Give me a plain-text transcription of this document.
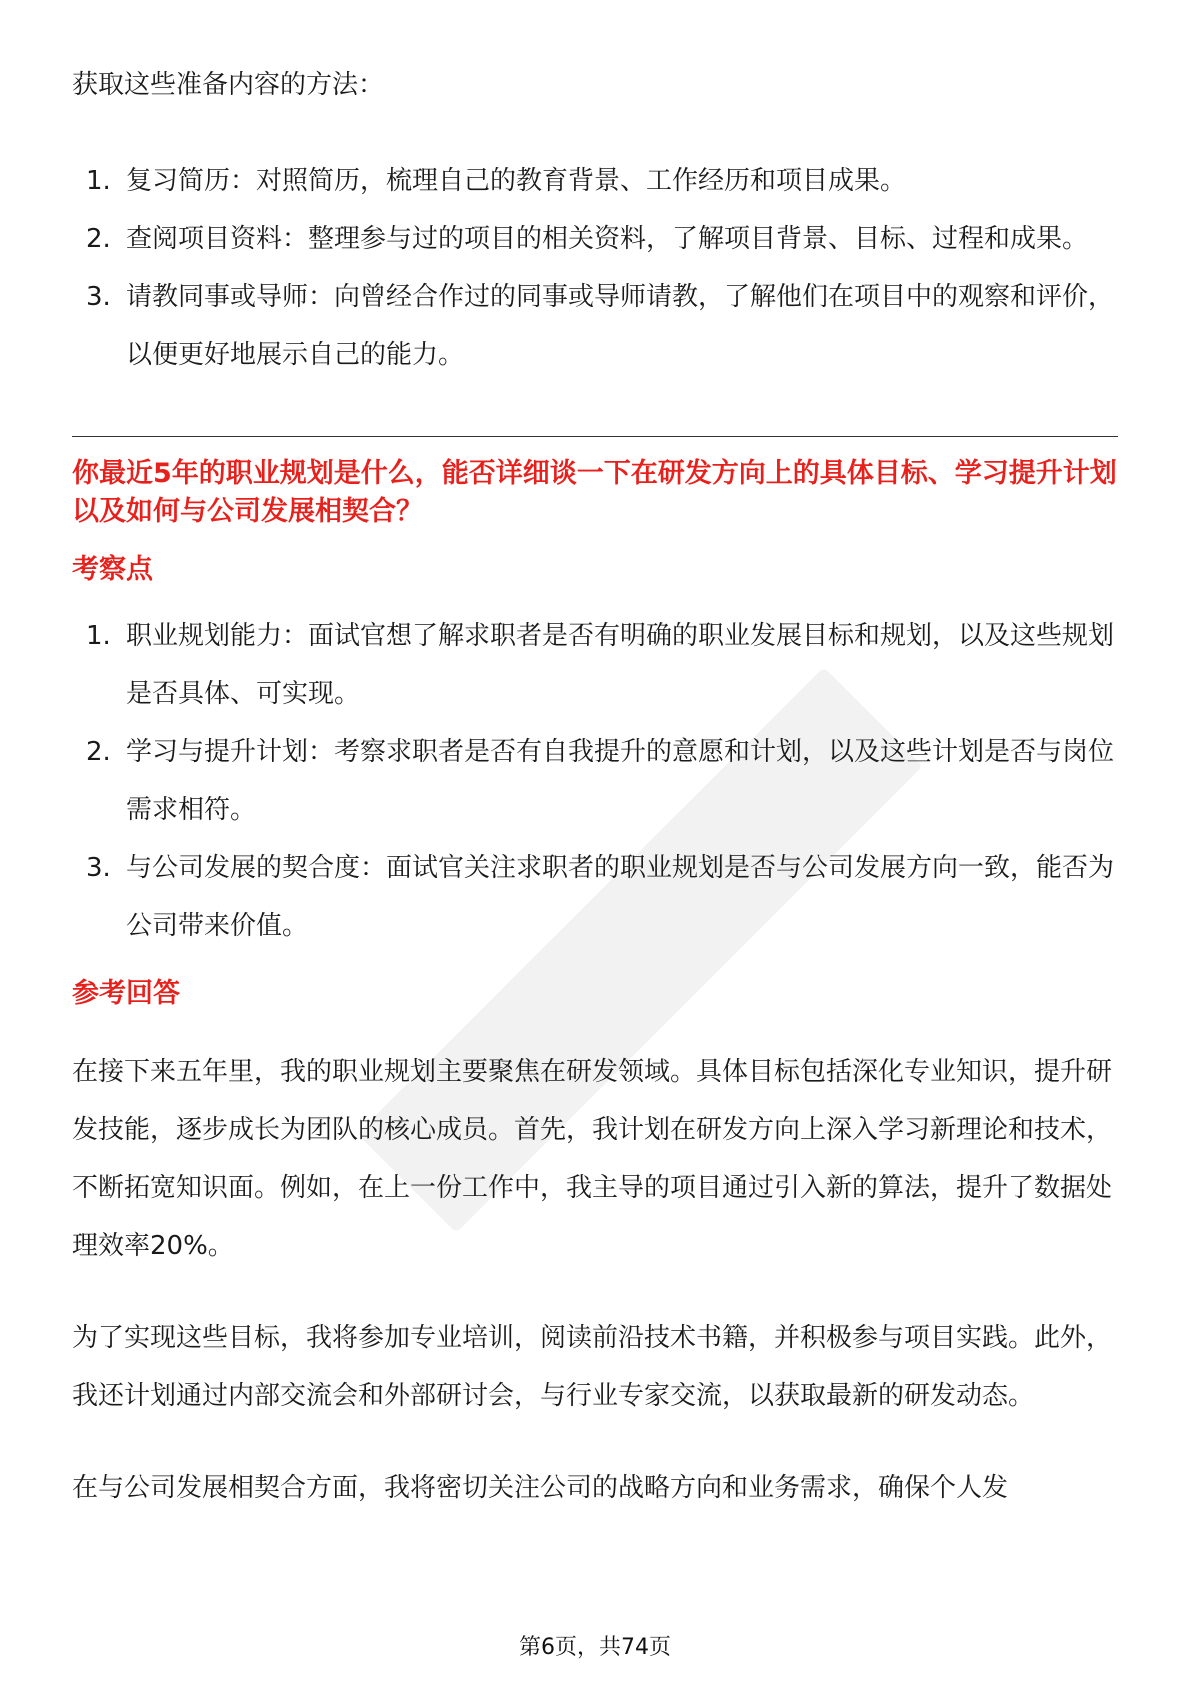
获取这些准备内容的方法：

1. 复习简历：对照简历，梳理自己的教育背景、工作经历和项目成果。
2. 查阅项目资料：整理参与过的项目的相关资料，了解项目背景、目标、过程和成果。
3. 请教同事或导师：向曾经合作过的同事或导师请教，了解他们在项目中的观察和评价，以便更好地展示自己的能力。

你最近5年的职业规划是什么，能否详细谈一下在研发方向上的具体目标、学习提升计划以及如何与公司发展相契合？

考察点

1. 职业规划能力：面试官想了解求职者是否有明确的职业发展目标和规划，以及这些规划是否具体、可实现。
2. 学习与提升计划：考察求职者是否有自我提升的意愿和计划，以及这些计划是否与岗位需求相符。
3. 与公司发展的契合度：面试官关注求职者的职业规划是否与公司发展方向一致，能否为公司带来价值。

参考回答

在接下来五年里，我的职业规划主要聚焦在研发领域。具体目标包括深化专业知识，提升研发技能，逐步成长为团队的核心成员。首先，我计划在研发方向上深入学习新理论和技术，不断拓宽知识面。例如，在上一份工作中，我主导的项目通过引入新的算法，提升了数据处理效率20%。

为了实现这些目标，我将参加专业培训，阅读前沿技术书籍，并积极参与项目实践。此外，我还计划通过内部交流会和外部研讨会，与行业专家交流，以获取最新的研发动态。

在与公司发展相契合方面，我将密切关注公司的战略方向和业务需求，确保个人发

第6页，共74页
